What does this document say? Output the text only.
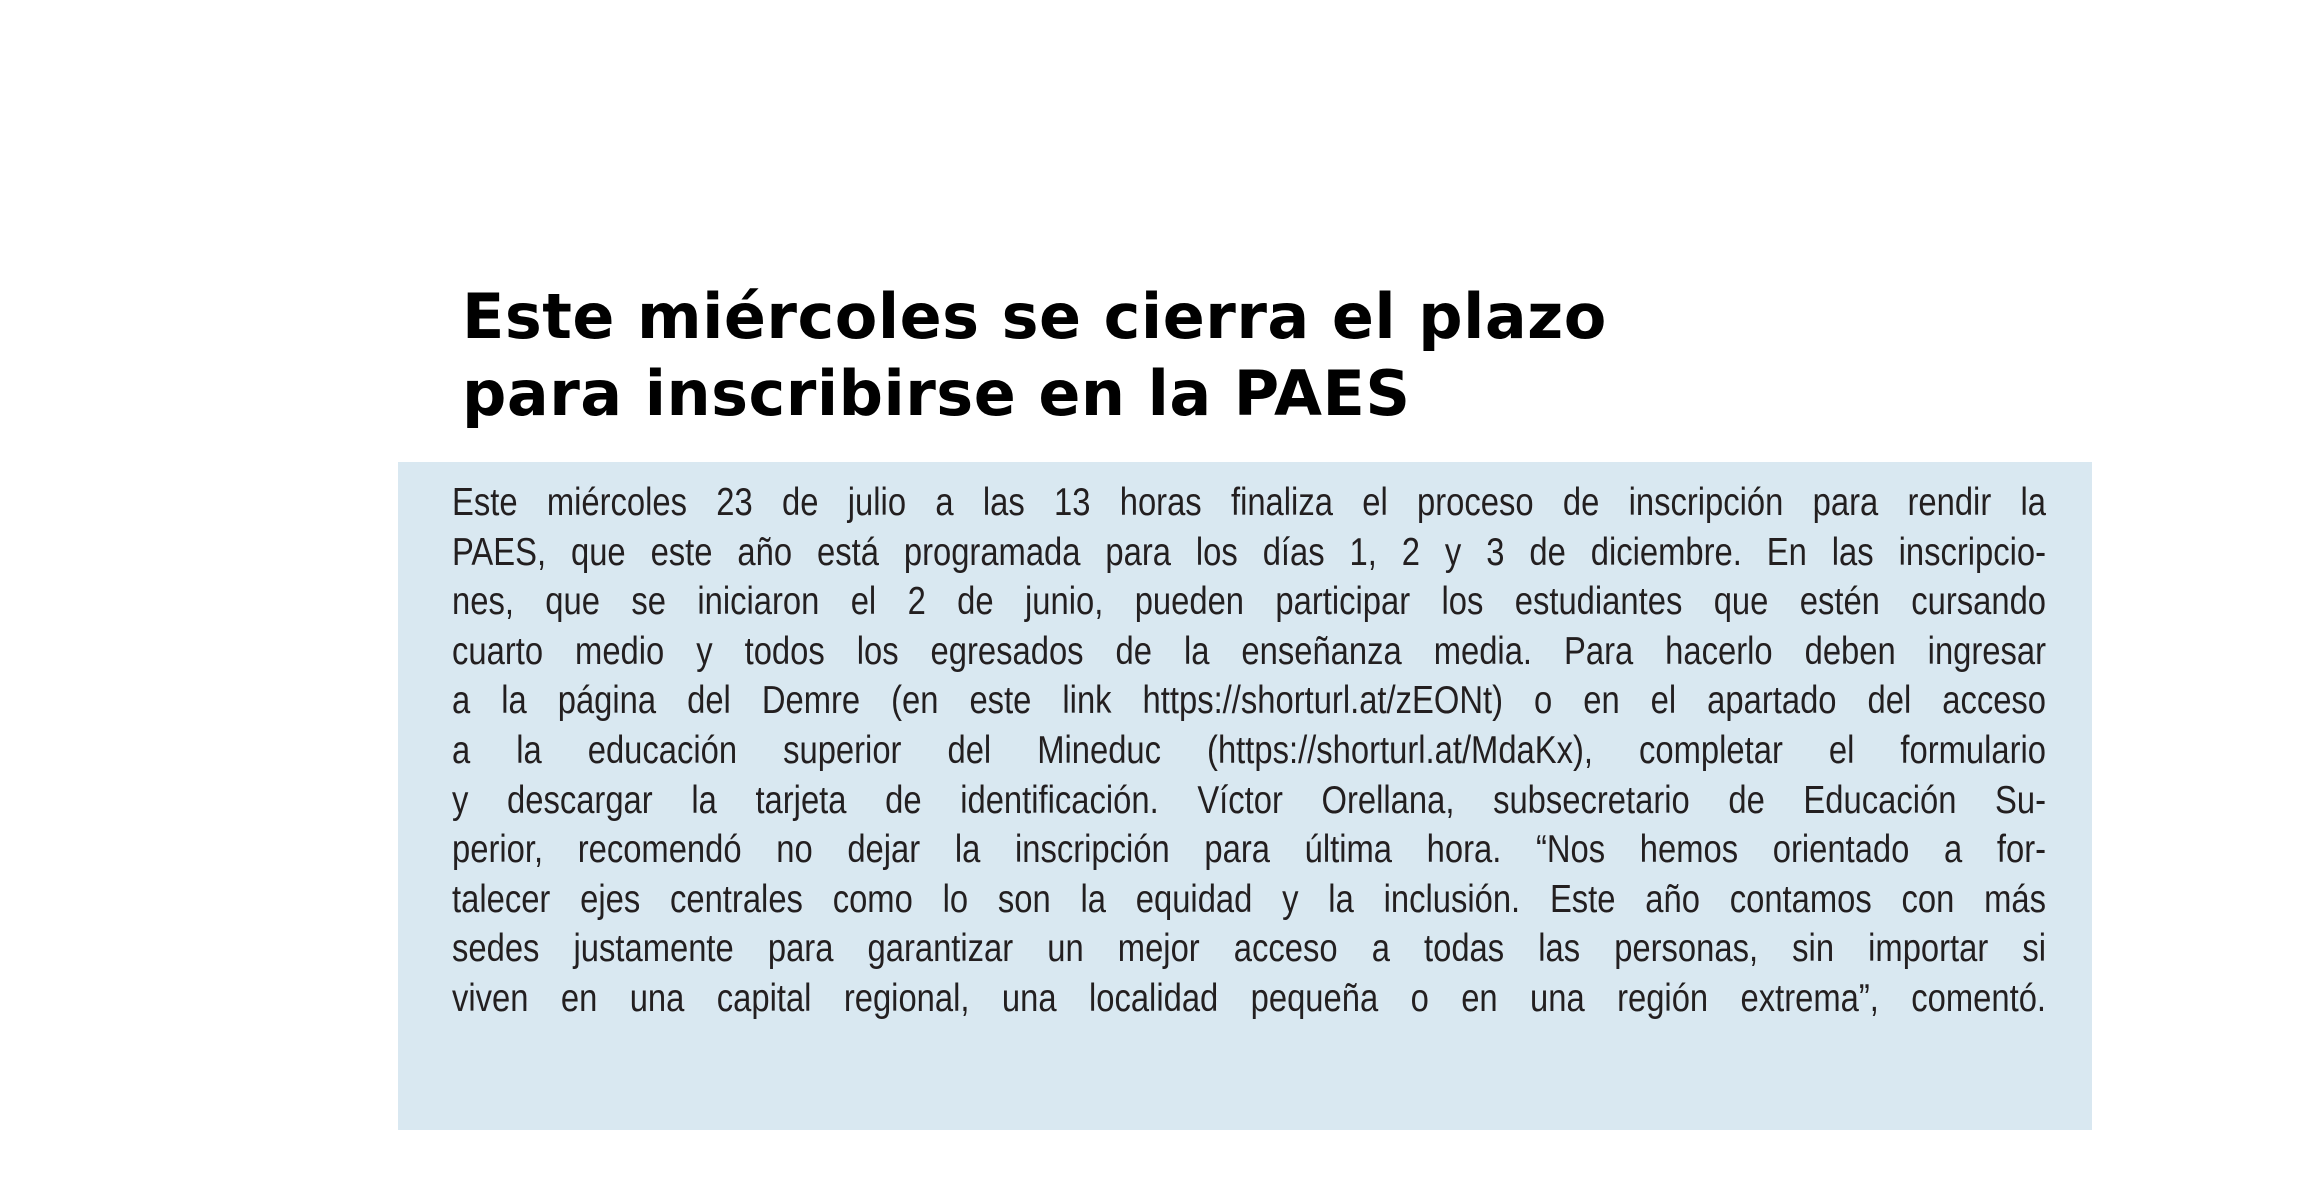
Este miércoles se cierra el plazo
para inscribirse en la PAES
Este miércoles 23 de julio a las 13 horas finaliza el proceso de inscripción para rendir la
PAES, que este año está programada para los días 1, 2 y 3 de diciembre. En las inscripcio-
nes, que se iniciaron el 2 de junio, pueden participar los estudiantes que estén cursando
cuarto medio y todos los egresados de la enseñanza media. Para hacerlo deben ingresar
a la página del Demre (en este link https://shorturl.at/zEONt) o en el apartado del acceso
a la educación superior del Mineduc (https://shorturl.at/MdaKx), completar el formulario
y descargar la tarjeta de identificación. Víctor Orellana, subsecretario de Educación Su-
perior, recomendó no dejar la inscripción para última hora. “Nos hemos orientado a for-
talecer ejes centrales como lo son la equidad y la inclusión. Este año contamos con más
sedes justamente para garantizar un mejor acceso a todas las personas, sin importar si
viven en una capital regional, una localidad pequeña o en una región extrema”, comentó.
